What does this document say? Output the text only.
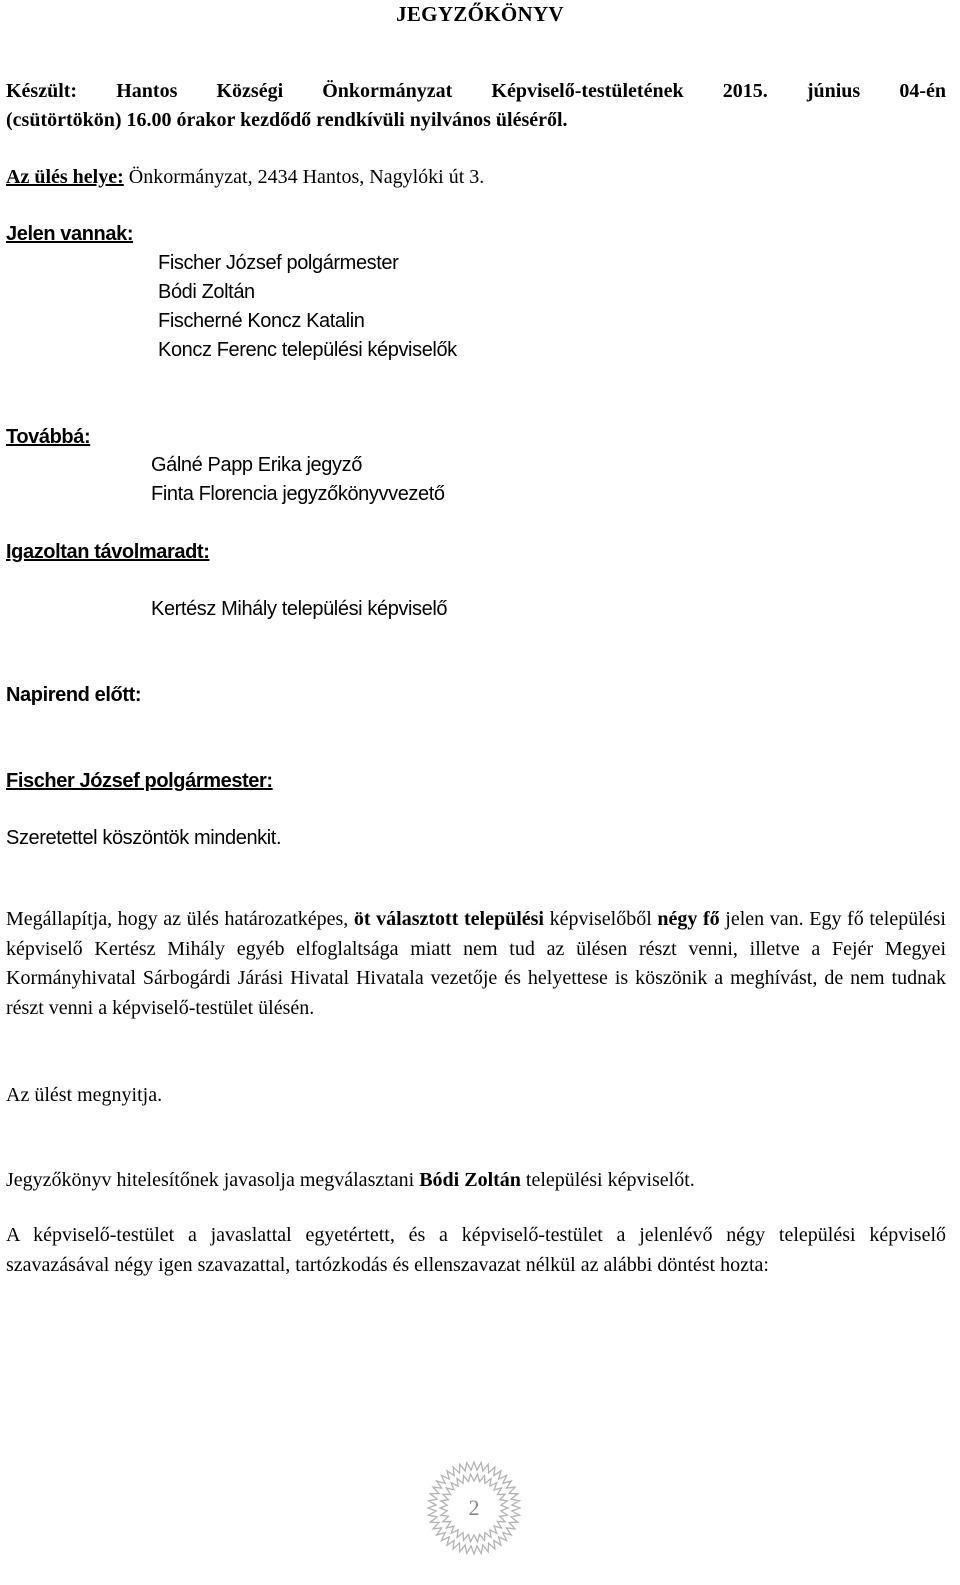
JEGYZŐKÖNYV
Készült: Hantos Községi Önkormányzat Képviselő-testületének 2015. június 04-én
(csütörtökön) 16.00 órakor kezdődő rendkívüli nyilvános üléséről.
Az ülés helye: Önkormányzat, 2434 Hantos, Nagylóki út 3.
Jelen vannak:
Fischer József polgármester
Bódi Zoltán
Fischerné Koncz Katalin
Koncz Ferenc települési képviselők
Továbbá:
Gálné Papp Erika jegyző
Finta Florencia jegyzőkönyvvezető
Igazoltan távolmaradt:
Kertész Mihály települési képviselő
Napirend előtt:
Fischer József polgármester:
Szeretettel köszöntök mindenkit.
Megállapítja, hogy az ülés határozatképes, öt választott települési képviselőből négy fő jelen van. Egy fő települési képviselő Kertész Mihály egyéb elfoglaltsága miatt nem tud az ülésen részt venni, illetve a Fejér Megyei Kormányhivatal Sárbogárdi Járási Hivatal Hivatala vezetője és helyettese is köszönik a meghívást, de nem tudnak részt venni a képviselő-testület ülésén.
Az ülést megnyitja.
Jegyzőkönyv hitelesítőnek javasolja megválasztani Bódi Zoltán települési képviselőt.
A képviselő-testület a javaslattal egyetértett, és a képviselő-testület a jelenlévő négy települési képviselő szavazásával négy igen szavazattal, tartózkodás és ellenszavazat nélkül az alábbi döntést hozta:
2
